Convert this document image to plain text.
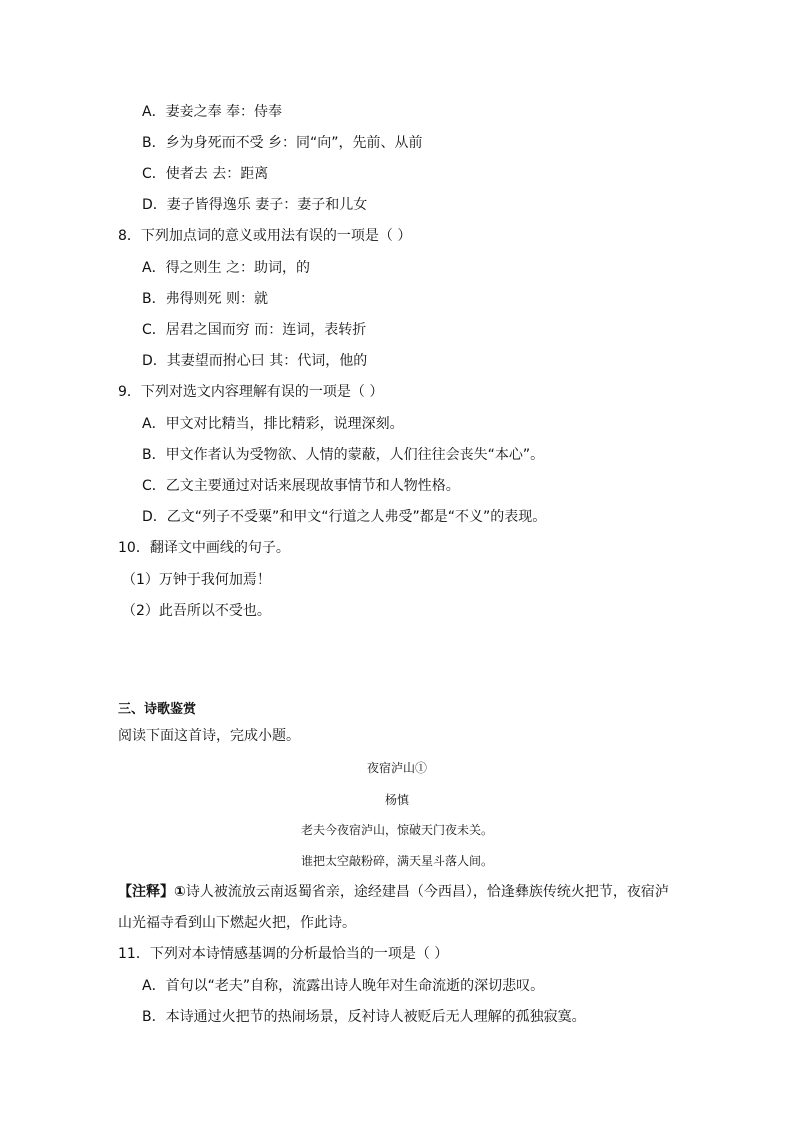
A．妻妾之奉 奉：侍奉
B．乡为身死而不受 乡：同“向”，先前、从前
C．使者去 去：距离
D．妻子皆得逸乐 妻子：妻子和儿女
8．下列加点词的意义或用法有误的一项是（ ）
A．得之则生 之：助词，的
B．弗得则死 则：就
C．居君之国而穷 而：连词，表转折
D．其妻望而拊心曰 其：代词，他的
9．下列对选文内容理解有误的一项是（ ）
A．甲文对比精当，排比精彩，说理深刻。
B．甲文作者认为受物欲、人情的蒙蔽，人们往往会丧失“本心”。
C．乙文主要通过对话来展现故事情节和人物性格。
D．乙文“列子不受粟”和甲文“行道之人弗受”都是“不义”的表现。
10．翻译文中画线的句子。
（1）万钟于我何加焉！
（2）此吾所以不受也。
三、诗歌鉴赏
阅读下面这首诗，完成小题。
夜宿泸山①
杨慎
老夫今夜宿泸山，惊破天门夜未关。
谁把太空敲粉碎，满天星斗落人间。
【注释】①诗人被流放云南返蜀省亲，途经建昌（今西昌），恰逢彝族传统火把节，夜宿泸
山光福寺看到山下燃起火把，作此诗。
11．下列对本诗情感基调的分析最恰当的一项是（ ）
A．首句以“老夫”自称，流露出诗人晚年对生命流逝的深切悲叹。
B．本诗通过火把节的热闹场景，反衬诗人被贬后无人理解的孤独寂寞。
